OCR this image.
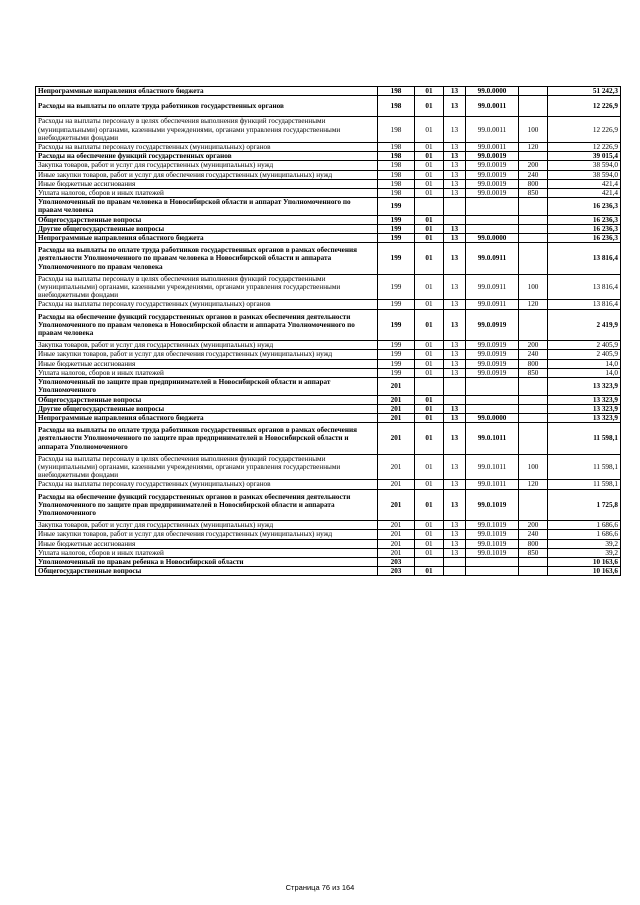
Непрограммные направления областного бюджета	198	01	13	99.0.0000		51 242,3
Расходы на выплаты по оплате труда работников государственных органов	198	01	13	99.0.0011		12 226,9
Расходы на выплаты персоналу в целях обеспечения выполнения функций государственными (муниципальными) органами, казенными учреждениями, органами управления государственными внебюджетными фондами	198	01	13	99.0.0011	100	12 226,9
Расходы на выплаты персоналу государственных (муниципальных) органов	198	01	13	99.0.0011	120	12 226,9
Расходы на обеспечение функций государственных органов	198	01	13	99.0.0019		39 015,4
Закупка товаров, работ и услуг для государственных (муниципальных) нужд	198	01	13	99.0.0019	200	38 594,0
Иные закупки товаров, работ и услуг для обеспечения государственных (муниципальных) нужд	198	01	13	99.0.0019	240	38 594,0
Иные бюджетные ассигнования	198	01	13	99.0.0019	800	421,4
Уплата налогов, сборов и иных платежей	198	01	13	99.0.0019	850	421,4
Уполномоченный по правам человека в Новосибирской области и аппарат Уполномоченного по правам человека	199					16 236,3
Общегосударственные вопросы	199	01				16 236,3
Другие общегосударственные вопросы	199	01	13			16 236,3
Непрограммные направления областного бюджета	199	01	13	99.0.0000		16 236,3
Расходы на выплаты по оплате труда работников государственных органов в рамках обеспечения деятельности Уполномоченного по правам человека в Новосибирской области и аппарата Уполномоченного по правам человека	199	01	13	99.0.0911		13 816,4
Расходы на выплаты персоналу в целях обеспечения выполнения функций государственными (муниципальными) органами, казенными учреждениями, органами управления государственными внебюджетными фондами	199	01	13	99.0.0911	100	13 816,4
Расходы на выплаты персоналу государственных (муниципальных) органов	199	01	13	99.0.0911	120	13 816,4
Расходы на обеспечение функций государственных органов в рамках обеспечения деятельности Уполномоченного по правам человека в Новосибирской области и аппарата Уполномоченного по правам человека	199	01	13	99.0.0919		2 419,9
Закупка товаров, работ и услуг для государственных (муниципальных) нужд	199	01	13	99.0.0919	200	2 405,9
Иные закупки товаров, работ и услуг для обеспечения государственных (муниципальных) нужд	199	01	13	99.0.0919	240	2 405,9
Иные бюджетные ассигнования	199	01	13	99.0.0919	800	14,0
Уплата налогов, сборов и иных платежей	199	01	13	99.0.0919	850	14,0
Уполномоченный по защите прав предпринимателей в Новосибирской области и аппарат Уполномоченного	201					13 323,9
Общегосударственные вопросы	201	01				13 323,9
Другие общегосударственные вопросы	201	01	13			13 323,9
Непрограммные направления областного бюджета	201	01	13	99.0.0000		13 323,9
Расходы на выплаты по оплате труда работников государственных органов в рамках обеспечения деятельности Уполномоченного по защите прав предпринимателей в Новосибирской области и аппарата Уполномоченного	201	01	13	99.0.1011		11 598,1
Расходы на выплаты персоналу в целях обеспечения выполнения функций государственными (муниципальными) органами, казенными учреждениями, органами управления государственными внебюджетными фондами	201	01	13	99.0.1011	100	11 598,1
Расходы на выплаты персоналу государственных (муниципальных) органов	201	01	13	99.0.1011	120	11 598,1
Расходы на обеспечение функций государственных органов в рамках обеспечения деятельности Уполномоченного по защите прав предпринимателей в Новосибирской области и аппарата Уполномоченного	201	01	13	99.0.1019		1 725,8
Закупка товаров, работ и услуг для государственных (муниципальных) нужд	201	01	13	99.0.1019	200	1 686,6
Иные закупки товаров, работ и услуг для обеспечения государственных (муниципальных) нужд	201	01	13	99.0.1019	240	1 686,6
Иные бюджетные ассигнования	201	01	13	99.0.1019	800	39,2
Уплата налогов, сборов и иных платежей	201	01	13	99.0.1019	850	39,2
Уполномоченный по правам ребенка в Новосибирской области	203					10 163,6
Общегосударственные вопросы	203	01				10 163,6
Страница 76 из 164
